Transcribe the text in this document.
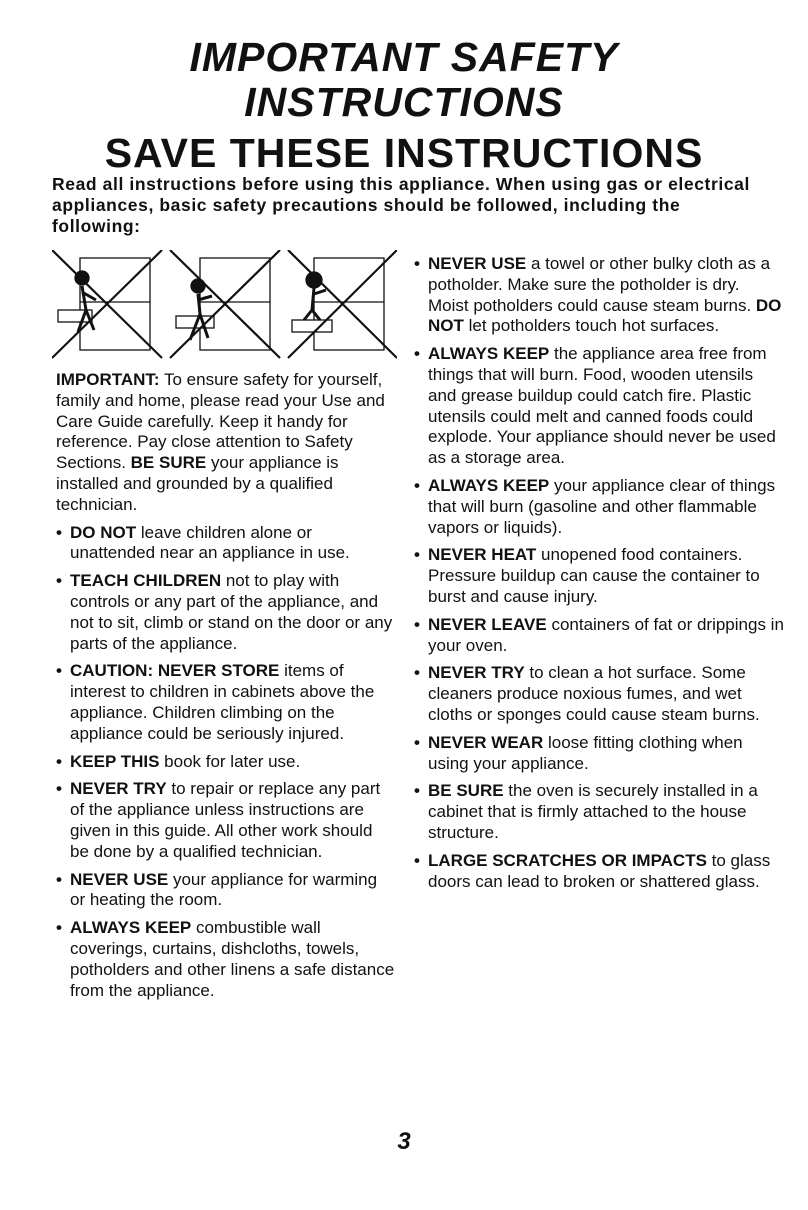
IMPORTANT SAFETY
INSTRUCTIONS
SAVE THESE INSTRUCTIONS
Read all instructions before using this appliance. When using gas or electrical appliances, basic safety precautions should be followed, including the following:

IMPORTANT: To ensure safety for yourself, family and home, please read your Use and Care Guide carefully. Keep it handy for reference. Pay close attention to Safety Sections. BE SURE your appliance is installed and grounded by a qualified technician.

• DO NOT leave children alone or unattended near an appliance in use.
• TEACH CHILDREN not to play with controls or any part of the appliance, and not to sit, climb or stand on the door or any parts of the appliance.
• CAUTION: NEVER STORE items of interest to children in cabinets above the appliance. Children climbing on the appliance could be seriously injured.
• KEEP THIS book for later use.
• NEVER TRY to repair or replace any part of the appliance unless instructions are given in this guide. All other work should be done by a qualified technician.
• NEVER USE your appliance for warming or heating the room.
• ALWAYS KEEP combustible wall coverings, curtains, dishcloths, towels, potholders and other linens a safe distance from the appliance.
• NEVER USE a towel or other bulky cloth as a potholder. Make sure the potholder is dry. Moist potholders could cause steam burns. DO NOT let potholders touch hot surfaces.
• ALWAYS KEEP the appliance area free from things that will burn. Food, wooden utensils and grease buildup could catch fire. Plastic utensils could melt and canned foods could explode. Your appliance should never be used as a storage area.
• ALWAYS KEEP your appliance clear of things that will burn (gasoline and other flammable vapors or liquids).
• NEVER HEAT unopened food containers. Pressure buildup can cause the container to burst and cause injury.
• NEVER LEAVE containers of fat or drippings in your oven.
• NEVER TRY to clean a hot surface. Some cleaners produce noxious fumes, and wet cloths or sponges could cause steam burns.
• NEVER WEAR loose fitting clothing when using your appliance.
• BE SURE the oven is securely installed in a cabinet that is firmly attached to the house structure.
• LARGE SCRATCHES OR IMPACTS to glass doors can lead to broken or shattered glass.
3
